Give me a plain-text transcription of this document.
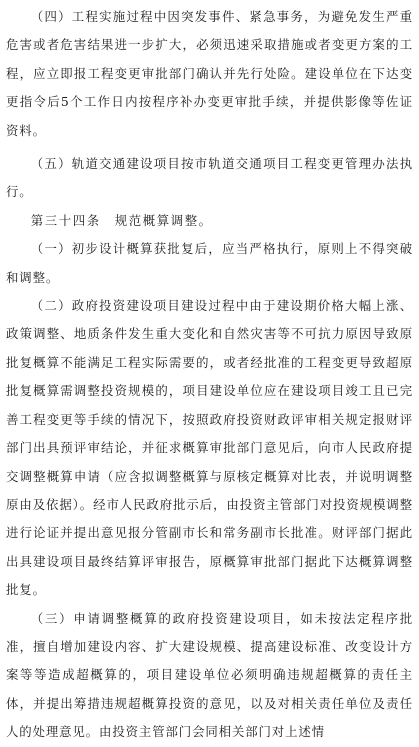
（四）工程实施过程中因突发事件、紧急事务，为避免发生严重危害或者危害结果进一步扩大，必须迅速采取措施或者变更方案的工程，应立即报工程变更审批部门确认并先行处险。建设单位在下达变更指令后5个工作日内按程序补办变更审批手续，并提供影像等佐证资料。

（五）轨道交通建设项目按市轨道交通项目工程变更管理办法执行。

第三十四条　规范概算调整。

（一）初步设计概算获批复后，应当严格执行，原则上不得突破和调整。

（二）政府投资建设项目建设过程中由于建设期价格大幅上涨、政策调整、地质条件发生重大变化和自然灾害等不可抗力原因导致原批复概算不能满足工程实际需要的，或者经批准的工程变更导致超原批复概算需调整投资规模的，项目建设单位应在建设项目竣工且已完善工程变更等手续的情况下，按照政府投资财政评审相关规定报财评部门出具预评审结论，并征求概算审批部门意见后，向市人民政府提交调整概算申请（应含拟调整概算与原核定概算对比表，并说明调整原由及依据）。经市人民政府批示后，由投资主管部门对投资规模调整进行论证并提出意见报分管副市长和常务副市长批准。财评部门据此出具建设项目最终结算评审报告，原概算审批部门据此下达概算调整批复。

（三）申请调整概算的政府投资建设项目，如未按法定程序批准，擅自增加建设内容、扩大建设规模、提高建设标准、改变设计方案等等造成超概算的，项目建设单位必须明确违规超概算的责任主体，并提出筹措违规超概算投资的意见，以及对相关责任单位及责任人的处理意见。由投资主管部门会同相关部门对上述情
